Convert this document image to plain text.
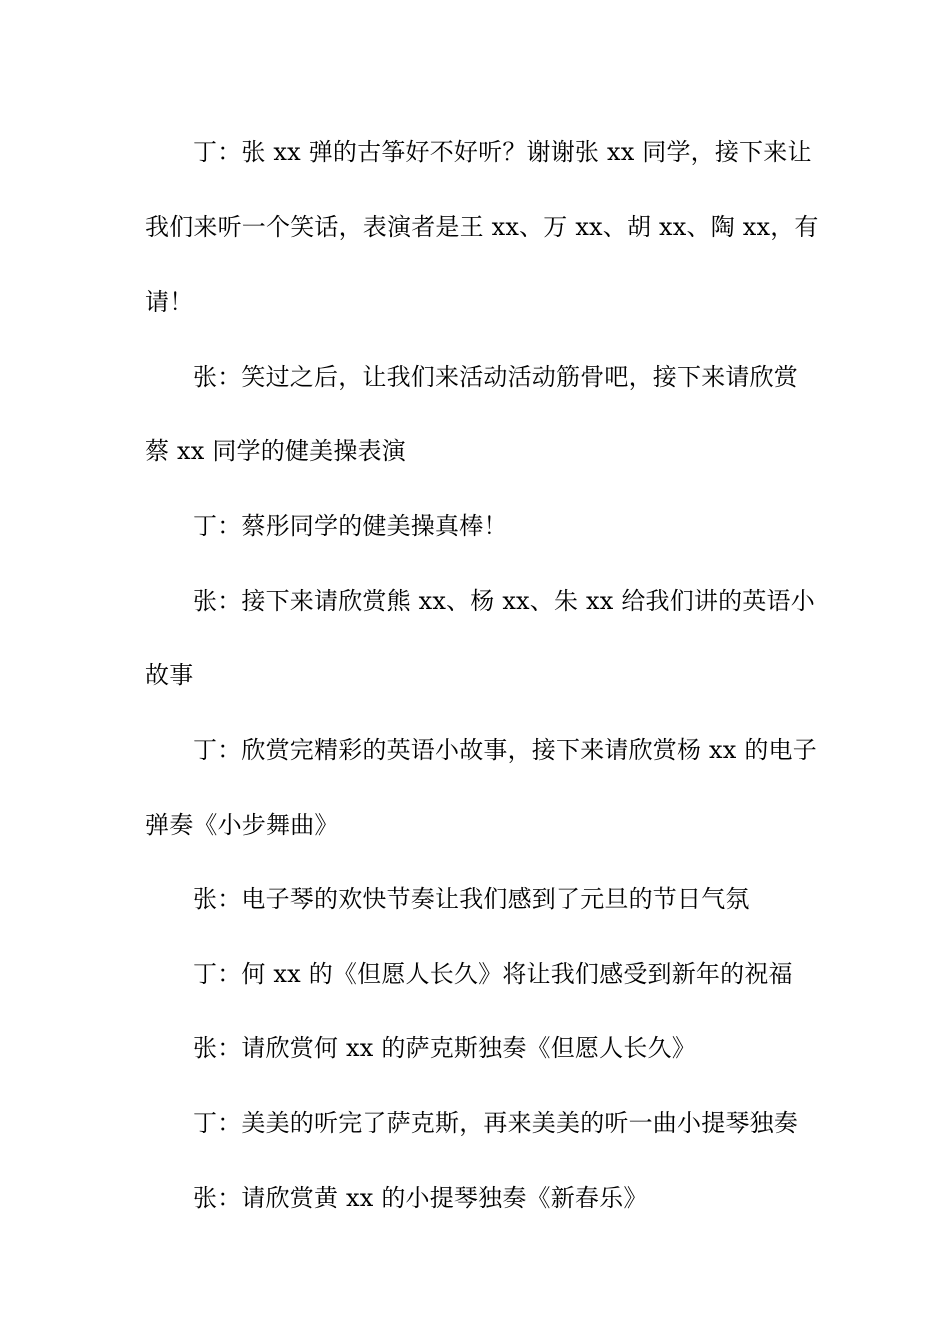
丁：张 xx 弹的古筝好不好听？谢谢张 xx 同学，接下来让
我们来听一个笑话，表演者是王 xx、万 xx、胡 xx、陶 xx，有
请！
张：笑过之后，让我们来活动活动筋骨吧，接下来请欣赏
蔡 xx 同学的健美操表演
丁：蔡彤同学的健美操真棒！
张：接下来请欣赏熊 xx、杨 xx、朱 xx 给我们讲的英语小
故事
丁：欣赏完精彩的英语小故事，接下来请欣赏杨 xx 的电子
弹奏《小步舞曲》
张：电子琴的欢快节奏让我们感到了元旦的节日气氛
丁：何 xx 的《但愿人长久》将让我们感受到新年的祝福
张：请欣赏何 xx 的萨克斯独奏《但愿人长久》
丁：美美的听完了萨克斯，再来美美的听一曲小提琴独奏
张：请欣赏黄 xx 的小提琴独奏《新春乐》
